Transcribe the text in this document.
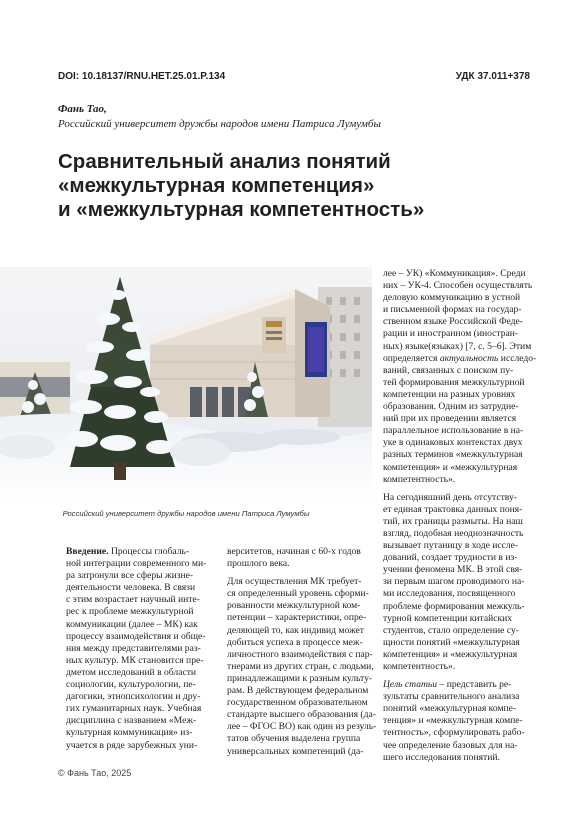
DOI: 10.18137/RNU.HET.25.01.P.134	УДК 37.011+378
Фань Тао,
Российский университет дружбы народов имени Патриса Лумумбы
Сравнительный анализ понятий
«межкультурная компетенция»
и «межкультурная компетентность»
Российский университет дружбы народов имени Патриса Лумумбы
Введение. Процессы глобаль-
ной интеграции современного ми-
ра затронули все сферы жизне-
деятельности человека. В связи
с этим возрастает научный инте-
рес к проблеме межкультурной
коммуникации (далее – МК) как
процессу взаимодействия и обще-
ния между представителями раз-
ных культур. МК становится пре-
дметом исследований в области
социологии, культурологии, пе-
дагогики, этнопсихологии и дру-
гих гуманитарных наук. Учебная
дисциплина с названием «Меж-
культурная коммуникация» из-
учается в ряде зарубежных уни-
верситетов, начиная с 60-х годов
прошлого века.
Для осуществления МК требует-
ся определенный уровень сформи-
рованности межкультурной ком-
петенции – характеристики, опре-
деляющей то, как индивид может
добиться успеха в процессе меж-
личностного взаимодействия с пар-
тнерами из других стран, с людьми,
принадлежащими к разным культу-
рам. В действующем федеральном
государственном образовательном
стандарте высшего образования (да-
лее – ФГОС ВО) как один из резуль-
татов обучения выделена группа
универсальных компетенций (да-
лее – УК) «Коммуникация». Среди
них – УК-4. Способен осуществлять
деловую коммуникацию в устной
и письменной формах на государ-
ственном языке Российской Феде-
рации и иностранном (иностран-
ных) языке(языках) [7, с. 5–6]. Этим
определяется актуальность исследо-
ваний, связанных с поиском пу-
тей формирования межкультурной
компетенции на разных уровнях
образования. Одним из затрудне-
ний при их проведении является
параллельное использование в на-
уке в одинаковых контекстах двух
разных терминов «межкультурная
компетенция» и «межкультурная
компетентность».
На сегодняшний день отсутству-
ет единая трактовка данных поня-
тий, их границы размыты. На наш
взгляд, подобная неоднозначность
вызывает путаницу в ходе исслe-
дований, создает трудности в из-
учении феномена МК. В этой свя-
зи первым шагом проводимого на-
ми исследования, посвященного
проблеме формирования межкуль-
турной компетенции китайских
студентов, стало определение су-
щности понятий «межкультурная
компетенция» и «межкультурная
компетентность».
Цель статьи – представить ре-
зультаты сравнительного анализа
понятий «межкультурная компе-
тенция» и «межкультурная компе-
тентность», сформулировать рабо-
чее определение базовых для на-
шего исследования понятий.
© Фань Тао, 2025
